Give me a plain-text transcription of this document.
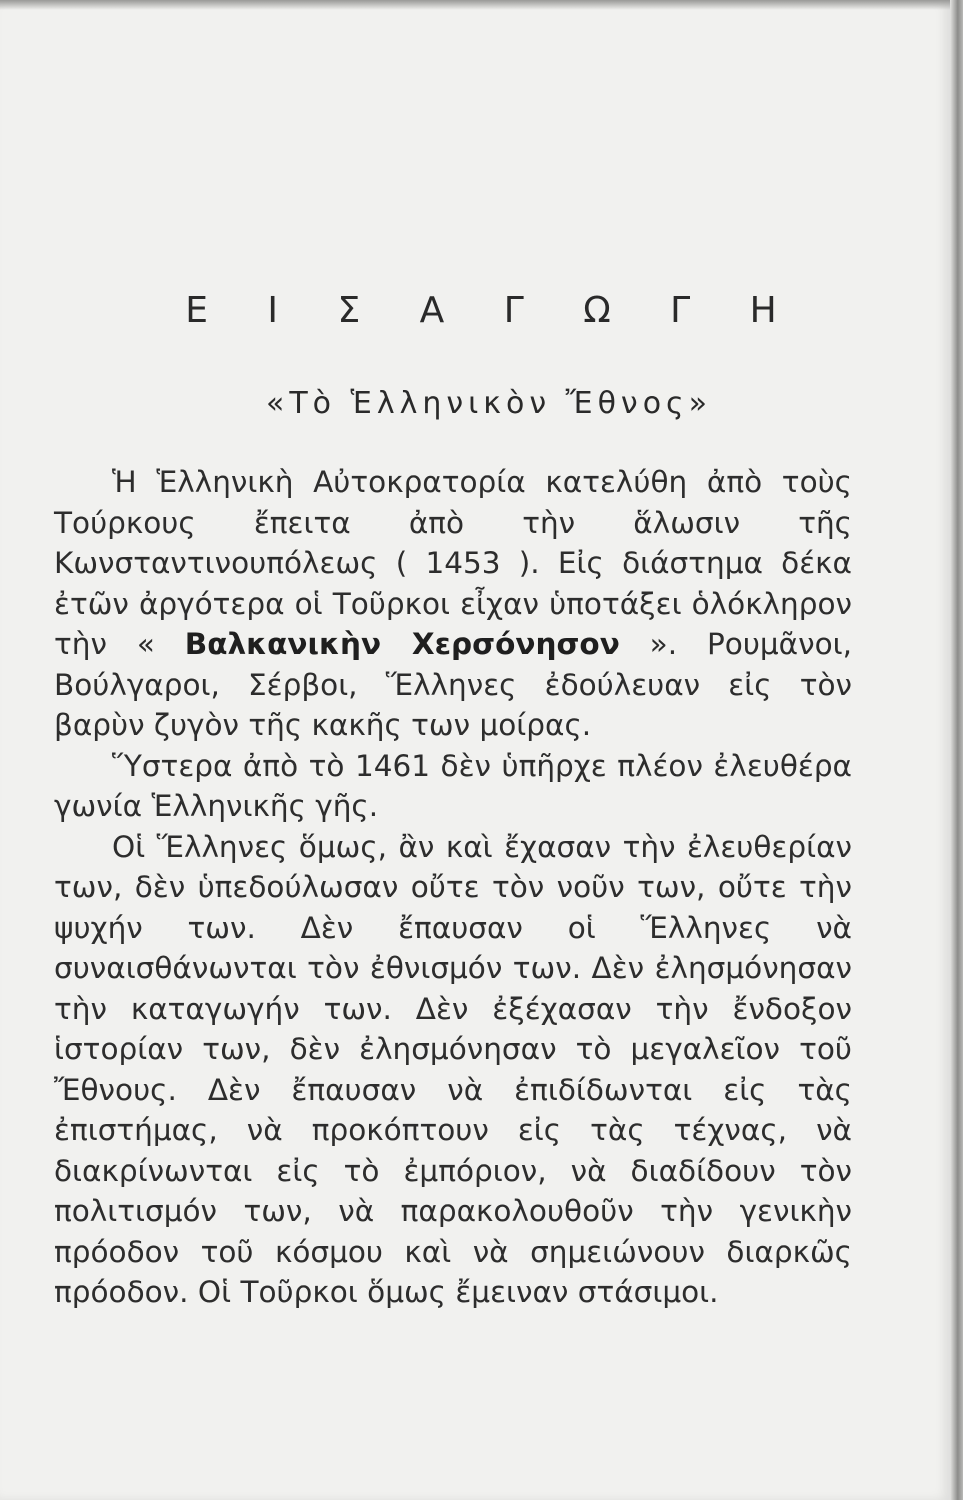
Ε Ι Σ Α Γ Ω Γ Η
«Τὸ Ἑλληνικὸν Ἔθνος»

Ἡ Ἑλληνικὴ Αὐτοκρατορία κατελύθη ἀπὸ τοὺς Τούρκους ἔπειτα ἀπὸ τὴν ἅλωσιν τῆς Κωνσταντινουπόλεως ( 1453 ). Εἰς διάστημα δέκα ἐτῶν ἀργότερα οἱ Τοῦρκοι εἶχαν ὑποτάξει ὁλόκληρον τὴν « Βαλκανικὴν Χερσόνησον ». Ρουμᾶνοι, Βούλγαροι, Σέρβοι, Ἕλληνες ἐδούλευαν εἰς τὸν βαρὺν ζυγὸν τῆς κακῆς των μοίρας.

Ὕστερα ἀπὸ τὸ 1461 δὲν ὑπῆρχε πλέον ἐλευθέρα γωνία Ἑλληνικῆς γῆς.

Οἱ Ἕλληνες ὅμως, ἂν καὶ ἔχασαν τὴν ἐλευθερίαν των, δὲν ὑπεδούλωσαν οὔτε τὸν νοῦν των, οὔτε τὴν ψυχήν των. Δὲν ἔπαυσαν οἱ Ἕλληνες νὰ συναισθάνωνται τὸν ἐθνισμόν των. Δὲν ἐλησμόνησαν τὴν καταγωγήν των. Δὲν ἐξέχασαν τὴν ἔνδοξον ἱστορίαν των, δὲν ἐλησμόνησαν τὸ μεγαλεῖον τοῦ Ἔθνους. Δὲν ἔπαυσαν νὰ ἐπιδίδωνται εἰς τὰς ἐπιστήμας, νὰ προκόπτουν εἰς τὰς τέχνας, νὰ διακρίνωνται εἰς τὸ ἐμπόριον, νὰ διαδίδουν τὸν πολιτισμόν των, νὰ παρακολουθοῦν τὴν γενικὴν πρόοδον τοῦ κόσμου καὶ νὰ σημειώνουν διαρκῶς πρόοδον. Οἱ Τοῦρκοι ὅμως ἔμειναν στάσιμοι.
